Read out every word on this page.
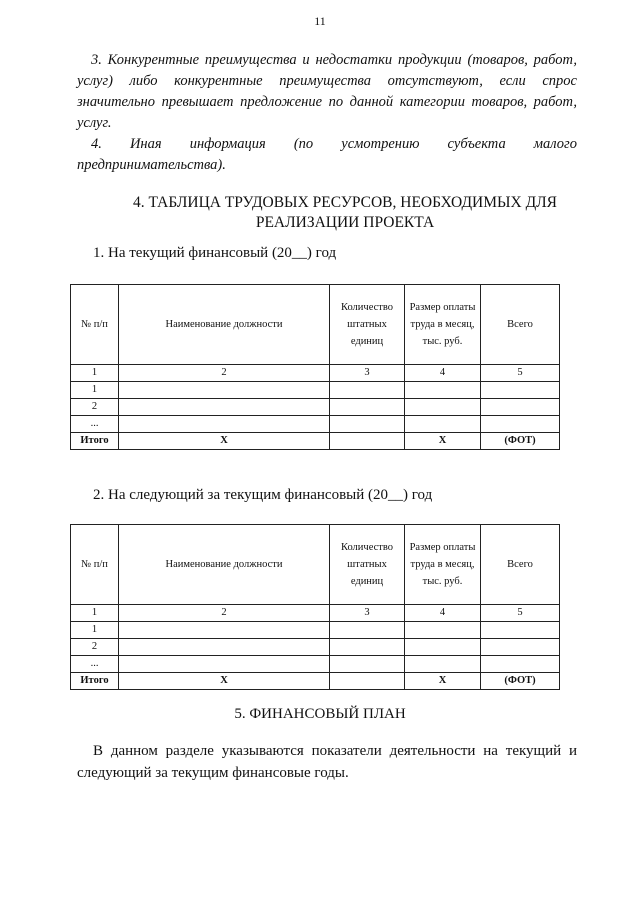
11

3. Конкурентные преимущества и недостатки продукции (товаров, работ, услуг) либо конкурентные преимущества отсутствуют, если спрос значительно превышает предложение по данной категории товаров, работ, услуг.

4. Иная информация (по усмотрению субъекта малого

предпринимательства).

4. ТАБЛИЦА ТРУДОВЫХ РЕСУРСОВ, НЕОБХОДИМЫХ ДЛЯ РЕАЛИЗАЦИИ ПРОЕКТА

1. На текущий финансовый (20__) год

№ п/п	Наименование должности	Количество штатных единиц	Размер оплаты труда в месяц, тыс. руб.	Всего
1	2	3	4	5
1				
2				
...				
Итого	Х		Х	(ФОТ)

2. На следующий за текущим финансовый (20__) год

№ п/п	Наименование должности	Количество штатных единиц	Размер оплаты труда в месяц, тыс. руб.	Всего
1	2	3	4	5
1				
2				
...				
Итого	Х		Х	(ФОТ)
5. ФИНАНСОВЫЙ ПЛАН

В данном разделе указываются показатели деятельности на текущий и следующий за текущим финансовые годы.
